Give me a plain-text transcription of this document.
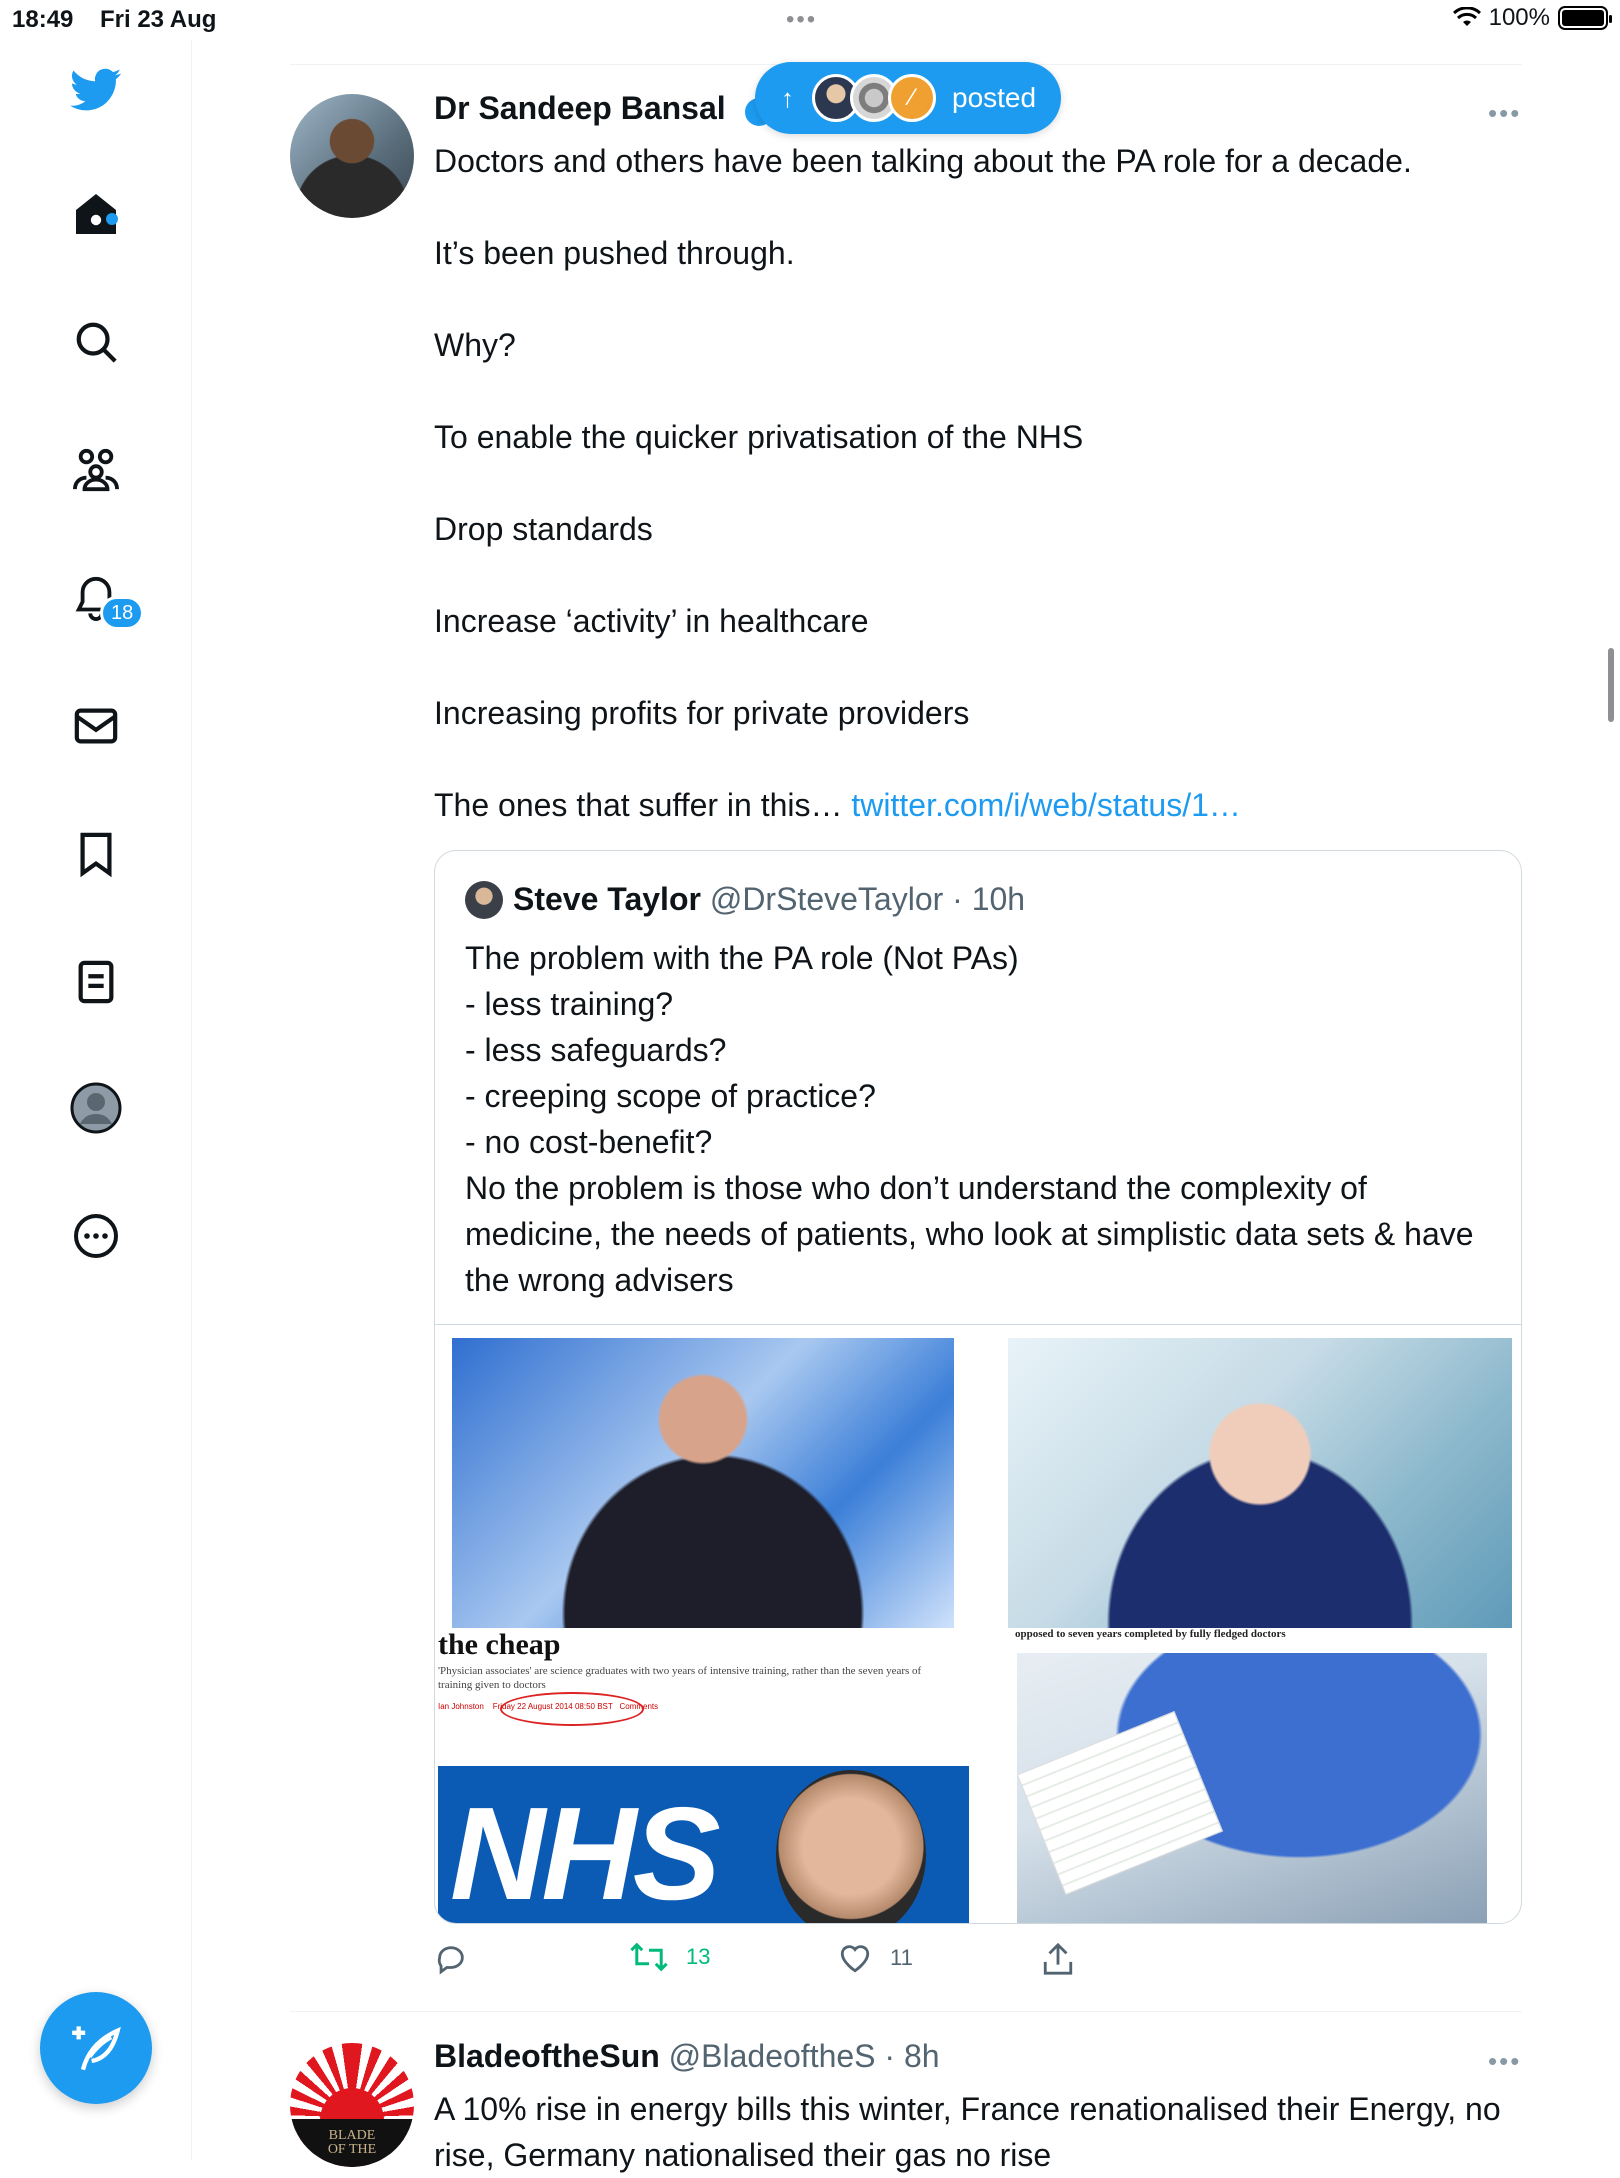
18:49 Fri 23 Aug	•••	100%
18
Dr Sandeep Bansal	•••
↑	⁄	posted

Doctors and others have been talking about the PA role for a decade.

It’s been pushed through.

Why?

To enable the quicker privatisation of the NHS

Drop standards

Increase ‘activity’ in healthcare

Increasing profits for private providers

The ones that suffer in this… twitter.com/i/web/status/1…

Steve Taylor @DrSteveTaylor · 10h
The problem with the PA role (Not PAs)
- less training?
- less safeguards?
- creeping scope of practice?
- no cost-benefit?
No the problem is those who don’t understand the complexity of medicine, the needs of patients, who look at simplistic data sets & have the wrong advisers
the cheap
'Physician associates' are science graduates with two years of intensive training, rather than the seven years of training given to doctors
Ian Johnston Friday 22 August 2014 08:50 BST Comments
NHS
opposed to seven years completed by fully fledged doctors
13	11
BLADE OF THE
BladeoftheSun @BladeoftheS · 8h	•••
A 10% rise in energy bills this winter, France renationalised their Energy, no rise, Germany nationalised their gas no rise
